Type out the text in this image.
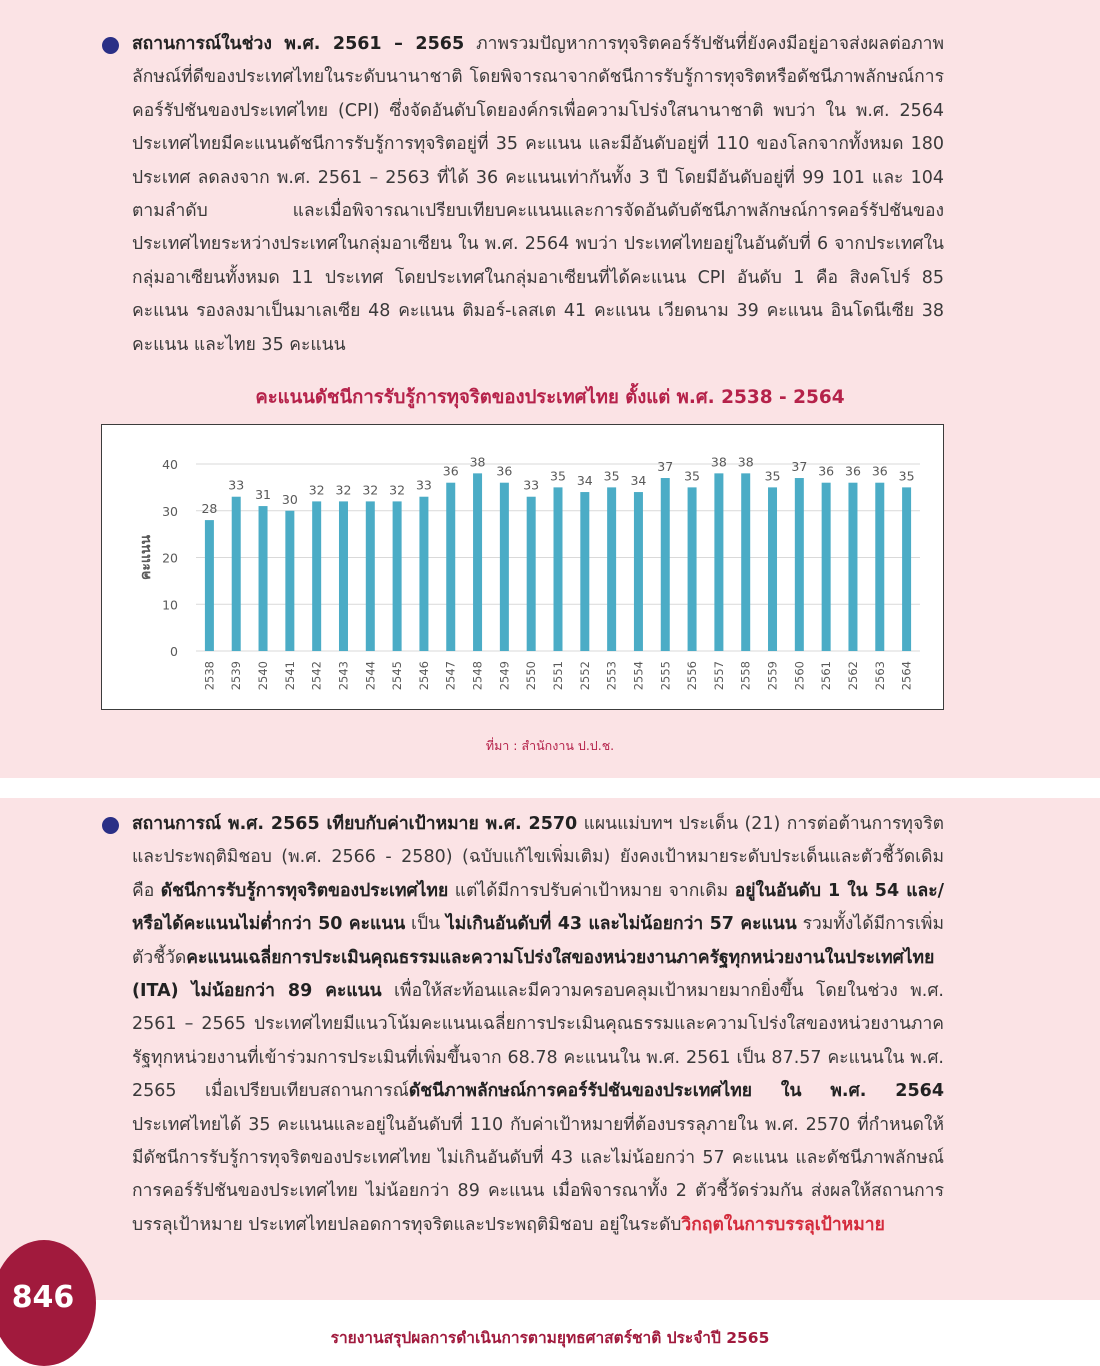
สถานการณ์ในช่วง พ.ศ. 2561 – 2565 ภาพรวมปัญหาการทุจริตคอร์รัปชันที่ยังคงมีอยู่อาจส่งผลต่อภาพลักษณ์ที่ดีของประเทศไทยในระดับนานาชาติ โดยพิจารณาจากดัชนีการรับรู้การทุจริตหรือดัชนีภาพลักษณ์การคอร์รัปชันของประเทศไทย (CPI) ซึ่งจัดอันดับโดยองค์กรเพื่อความโปร่งใสนานาชาติ พบว่า ใน พ.ศ. 2564 ประเทศไทยมีคะแนนดัชนีการรับรู้การทุจริตอยู่ที่ 35 คะแนน และมีอันดับอยู่ที่ 110 ของโลกจากทั้งหมด 180 ประเทศ ลดลงจาก พ.ศ. 2561 – 2563 ที่ได้ 36 คะแนนเท่ากันทั้ง 3 ปี โดยมีอันดับอยู่ที่ 99 101 และ 104 ตามลำดับ และเมื่อพิจารณาเปรียบเทียบคะแนนและการจัดอันดับดัชนีภาพลักษณ์การคอร์รัปชันของประเทศไทยระหว่างประเทศในกลุ่มอาเซียน ใน พ.ศ. 2564 พบว่า ประเทศไทยอยู่ในอันดับที่ 6 จากประเทศในกลุ่มอาเซียนทั้งหมด 11 ประเทศ โดยประเทศในกลุ่มอาเซียนที่ได้คะแนน CPI อันดับ 1 คือ สิงคโปร์ 85 คะแนน รองลงมาเป็นมาเลเซีย 48 คะแนน ติมอร์-เลสเต 41 คะแนน เวียดนาม 39 คะแนน อินโดนีเซีย 38 คะแนน และไทย 35 คะแนน
คะแนนดัชนีการรับรู้การทุจริตของประเทศไทย ตั้งแต่ พ.ศ. 2538 - 2564
0
10
20
30
40
คะแนน
28
2538
33
2539
31
2540
30
2541
32
2542
32
2543
32
2544
32
2545
33
2546
36
2547
38
2548
36
2549
33
2550
35
2551
34
2552
35
2553
34
2554
37
2555
35
2556
38
2557
38
2558
35
2559
37
2560
36
2561
36
2562
36
2563
35
2564
ที่มา : สำนักงาน ป.ป.ช.
สถานการณ์ พ.ศ. 2565 เทียบกับค่าเป้าหมาย พ.ศ. 2570 แผนแม่บทฯ ประเด็น (21) การต่อต้านการทุจริตและประพฤติมิชอบ (พ.ศ. 2566 - 2580) (ฉบับแก้ไขเพิ่มเติม) ยังคงเป้าหมายระดับประเด็นและตัวชี้วัดเดิม คือ ดัชนีการรับรู้การทุจริตของประเทศไทย แต่ได้มีการปรับค่าเป้าหมาย จากเดิม อยู่ในอันดับ 1 ใน 54 และ/หรือได้คะแนนไม่ต่ำกว่า 50 คะแนน เป็น ไม่เกินอันดับที่ 43 และไม่น้อยกว่า 57 คะแนน รวมทั้งได้มีการเพิ่มตัวชี้วัดคะแนนเฉลี่ยการประเมินคุณธรรมและความโปร่งใสของหน่วยงานภาครัฐทุกหน่วยงานในประเทศไทย (ITA) ไม่น้อยกว่า 89 คะแนน เพื่อให้สะท้อนและมีความครอบคลุมเป้าหมายมากยิ่งขึ้น โดยในช่วง พ.ศ. 2561 – 2565 ประเทศไทยมีแนวโน้มคะแนนเฉลี่ยการประเมินคุณธรรมและความโปร่งใสของหน่วยงานภาครัฐทุกหน่วยงานที่เข้าร่วมการประเมินที่เพิ่มขึ้นจาก 68.78 คะแนนใน พ.ศ. 2561 เป็น 87.57 คะแนนใน พ.ศ. 2565 เมื่อเปรียบเทียบสถานการณ์ดัชนีภาพลักษณ์การคอร์รัปชันของประเทศไทย ใน พ.ศ. 2564 ประเทศไทยได้ 35 คะแนนและอยู่ในอันดับที่ 110 กับค่าเป้าหมายที่ต้องบรรลุภายใน พ.ศ. 2570 ที่กำหนดให้มีดัชนีการรับรู้การทุจริตของประเทศไทย ไม่เกินอันดับที่ 43 และไม่น้อยกว่า 57 คะแนน และดัชนีภาพลักษณ์การคอร์รัปชันของประเทศไทย ไม่น้อยกว่า 89 คะแนน เมื่อพิจารณาทั้ง 2 ตัวชี้วัดร่วมกัน ส่งผลให้สถานการบรรลุเป้าหมาย ประเทศไทยปลอดการทุจริตและประพฤติมิชอบ อยู่ในระดับวิกฤตในการบรรลุเป้าหมาย
846
รายงานสรุปผลการดำเนินการตามยุทธศาสตร์ชาติ ประจำปี 2565
